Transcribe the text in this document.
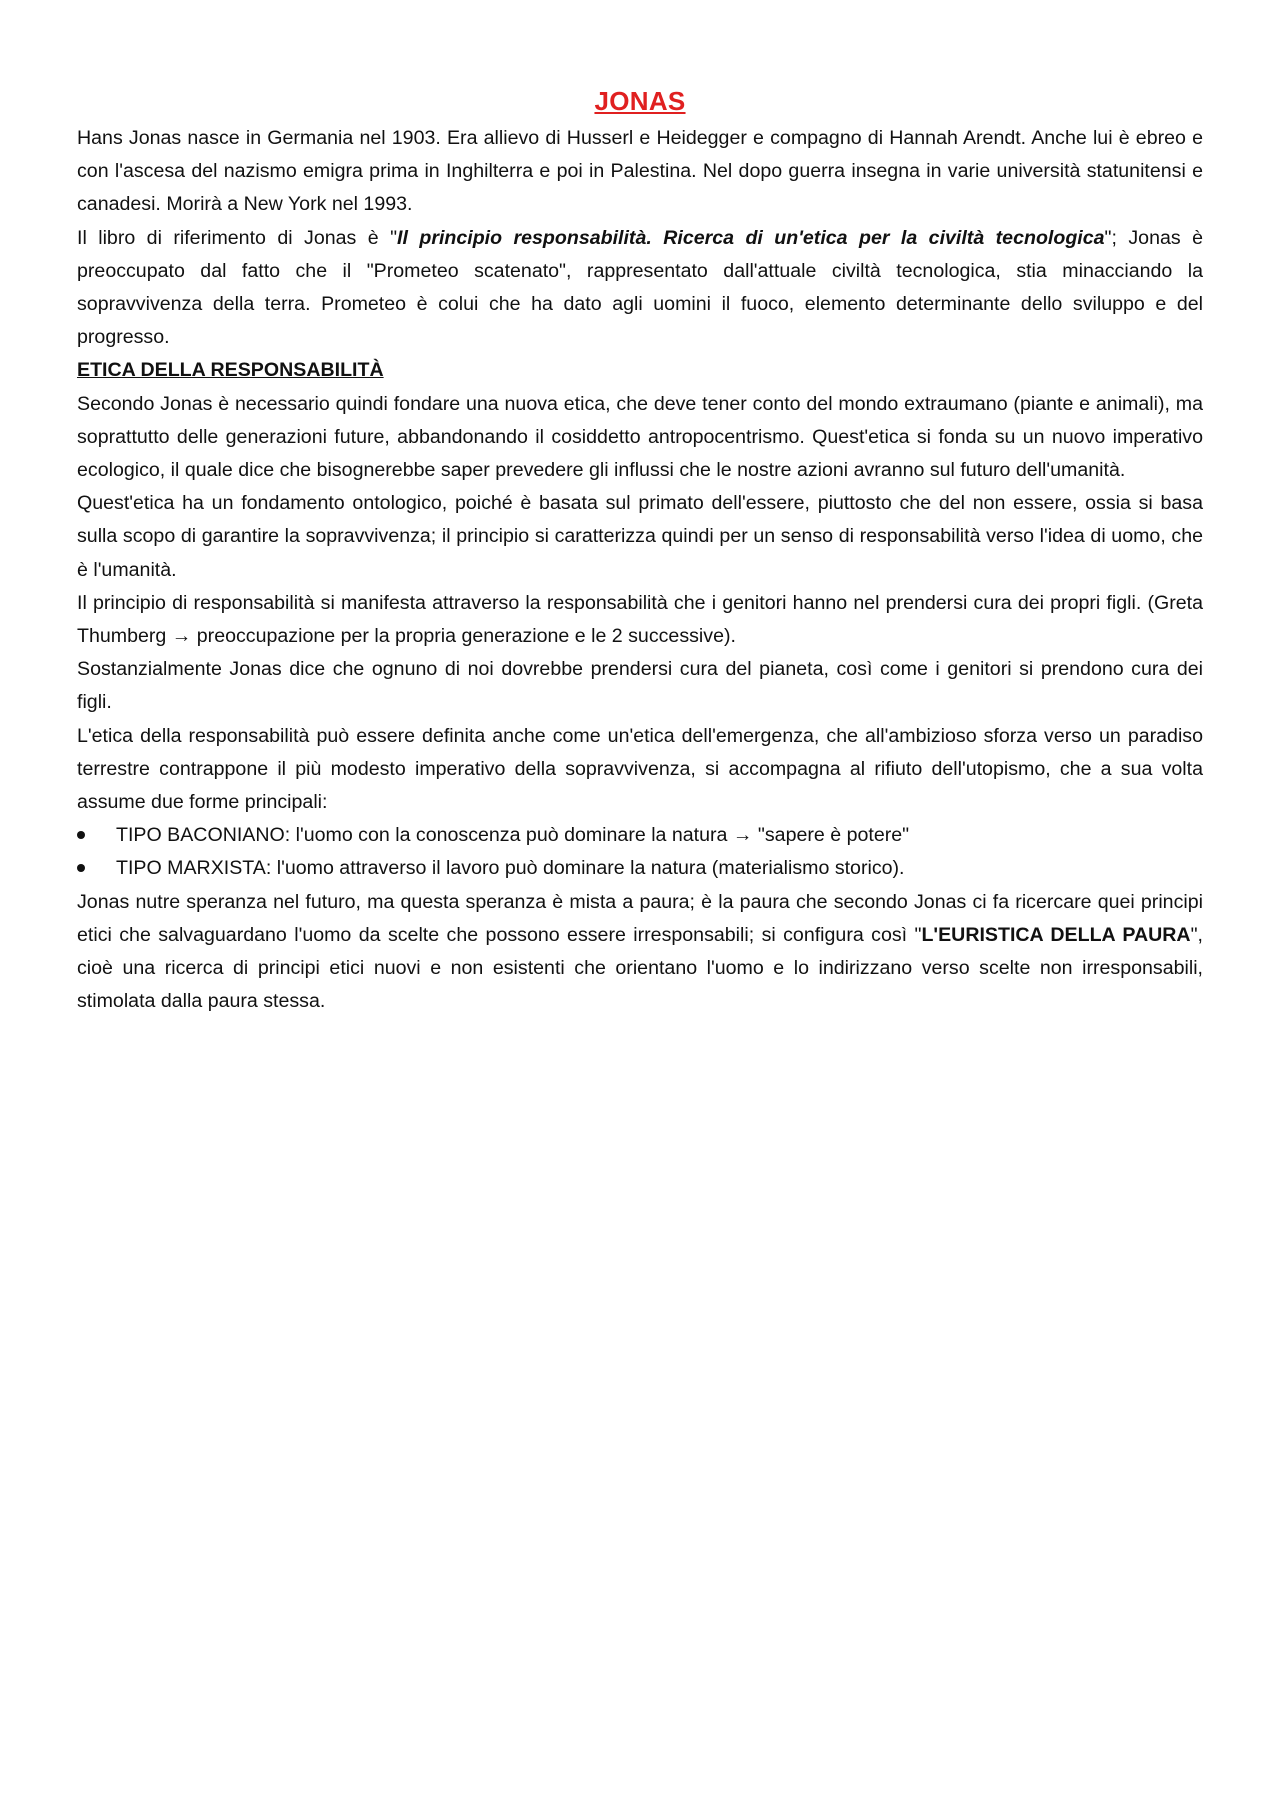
JONAS

Hans Jonas nasce in Germania nel 1903. Era allievo di Husserl e Heidegger e compagno di Hannah Arendt. Anche lui è ebreo e con l'ascesa del nazismo emigra prima in Inghilterra e poi in Palestina. Nel dopo guerra insegna in varie università statunitensi e canadesi. Morirà a New York nel 1993.

Il libro di riferimento di Jonas è "Il principio responsabilità. Ricerca di un'etica per la civiltà tecnologica"; Jonas è preoccupato dal fatto che il "Prometeo scatenato", rappresentato dall'attuale civiltà tecnologica, stia minacciando la sopravvivenza della terra. Prometeo è colui che ha dato agli uomini il fuoco, elemento determinante dello sviluppo e del progresso.

ETICA DELLA RESPONSABILITÀ

Secondo Jonas è necessario quindi fondare una nuova etica, che deve tener conto del mondo extraumano (piante e animali), ma soprattutto delle generazioni future, abbandonando il cosiddetto antropocentrismo. Quest'etica si fonda su un nuovo imperativo ecologico, il quale dice che bisognerebbe saper prevedere gli influssi che le nostre azioni avranno sul futuro dell'umanità.

Quest'etica ha un fondamento ontologico, poiché è basata sul primato dell'essere, piuttosto che del non essere, ossia si basa sulla scopo di garantire la sopravvivenza; il principio si caratterizza quindi per un senso di responsabilità verso l'idea di uomo, che è l'umanità.

Il principio di responsabilità si manifesta attraverso la responsabilità che i genitori hanno nel prendersi cura dei propri figli. (Greta Thumberg → preoccupazione per la propria generazione e le 2 successive).

Sostanzialmente Jonas dice che ognuno di noi dovrebbe prendersi cura del pianeta, così come i genitori si prendono cura dei figli.

L'etica della responsabilità può essere definita anche come un'etica dell'emergenza, che all'ambizioso sforza verso un paradiso terrestre contrappone il più modesto imperativo della sopravvivenza, si accompagna al rifiuto dell'utopismo, che a sua volta assume due forme principali:

TIPO BACONIANO: l'uomo con la conoscenza può dominare la natura → "sapere è potere"
TIPO MARXISTA: l'uomo attraverso il lavoro può dominare la natura (materialismo storico).

Jonas nutre speranza nel futuro, ma questa speranza è mista a paura; è la paura che secondo Jonas ci fa ricercare quei principi etici che salvaguardano l'uomo da scelte che possono essere irresponsabili; si configura così "L'EURISTICA DELLA PAURA", cioè una ricerca di principi etici nuovi e non esistenti che orientano l'uomo e lo indirizzano verso scelte non irresponsabili, stimolata dalla paura stessa.
